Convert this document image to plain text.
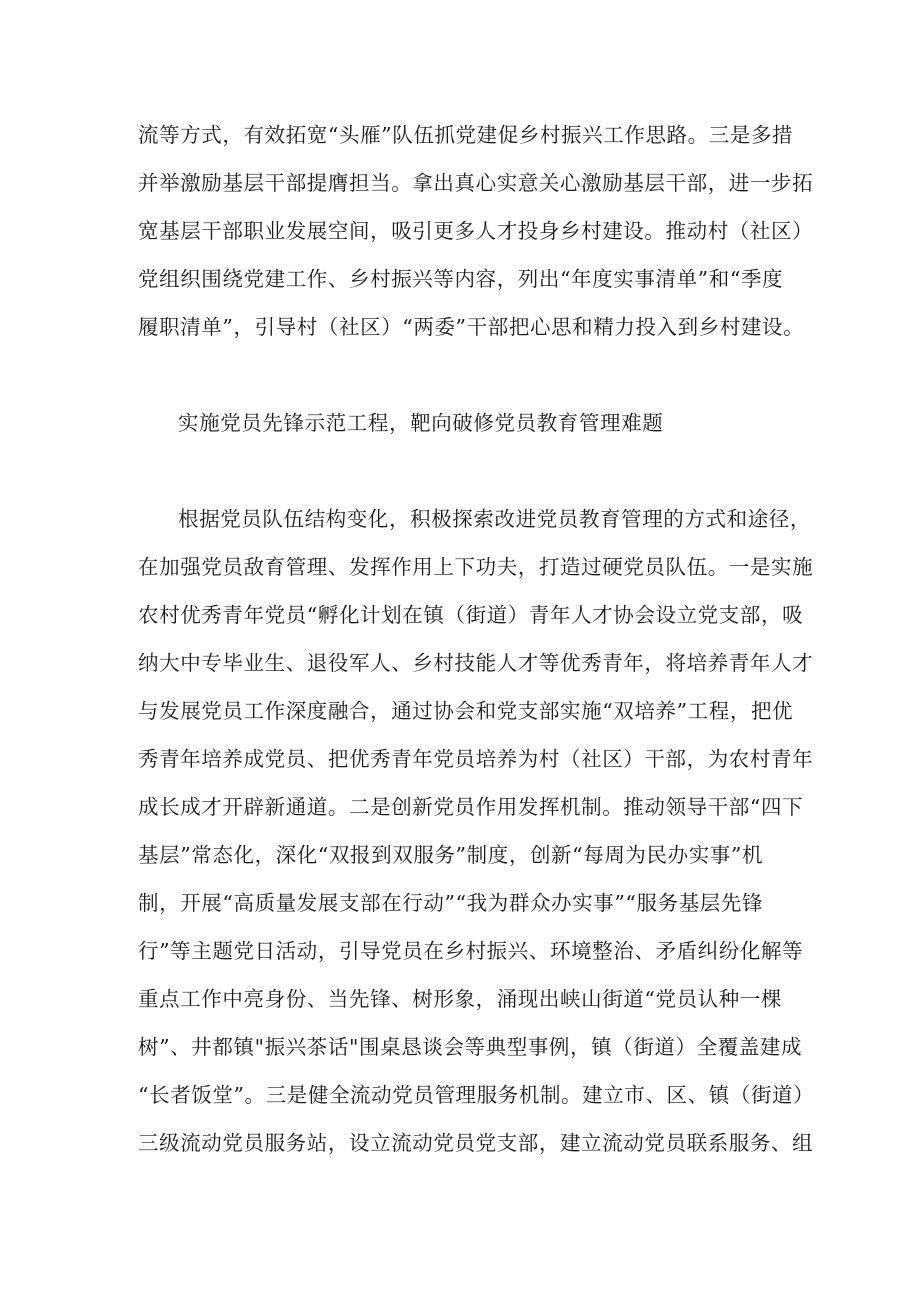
流等方式，有效拓宽“头雁”队伍抓党建促乡村振兴工作思路。三是多措

并举激励基层干部提膺担当。拿出真心实意关心激励基层干部，进一步拓

宽基层干部职业发展空间，吸引更多人才投身乡村建设。推动村（社区）

党组织围绕党建工作、乡村振兴等内容，列出“年度实事清单”和“季度

履职清单”，引导村（社区）“两委”干部把心思和精力投入到乡村建设。

实施党员先锋示范工程，靶向破修党员教育管理难题

根据党员队伍结构变化，积极探索改进党员教育管理的方式和途径，

在加强党员敌育管理、发挥作用上下功夫，打造过硬党员队伍。一是实施

农村优秀青年党员“孵化计划在镇（街道）青年人才协会设立党支部，吸

纳大中专毕业生、退役军人、乡村技能人才等优秀青年，将培养青年人才

与发展党员工作深度融合，通过协会和党支部实施“双培养”工程，把优

秀青年培养成党员、把优秀青年党员培养为村（社区）干部，为农村青年

成长成才开辟新通道。二是创新党员作用发挥机制。推动领导干部“四下

基层”常态化，深化“双报到双服务”制度，创新“每周为民办实事”机

制，开展“高质量发展支部在行动”“我为群众办实事”“服务基层先锋

行”等主题党日活动，引导党员在乡村振兴、环境整治、矛盾纠纷化解等

重点工作中亮身份、当先锋、树形象，涌现出峡山街道“党员认种一棵

树”、井都镇"振兴茶话"围桌恳谈会等典型事例，镇（街道）全覆盖建成

“长者饭堂”。三是健全流动党员管理服务机制。建立市、区、镇（街道）

三级流动党员服务站，设立流动党员党支部，建立流动党员联系服务、组
